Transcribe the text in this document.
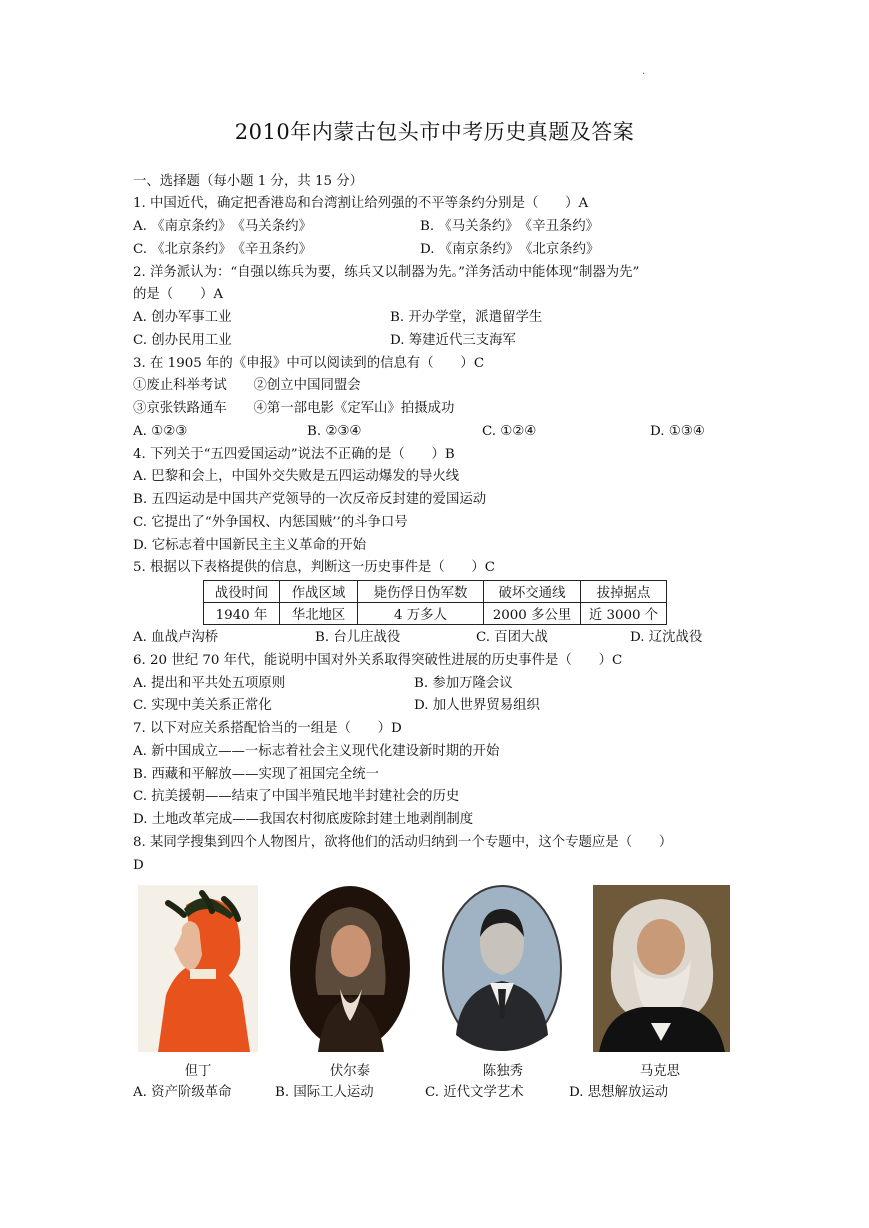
.
2010年内蒙古包头市中考历史真题及答案
一、选择题（每小题 1 分，共 15 分）
1. 中国近代，确定把香港岛和台湾割让给列强的不平等条约分别是（　　）A
A. 《南京条约》　《马关条约》	B. 《马关条约》　《辛丑条约》
C. 《北京条约》　《辛丑条约》	D. 《南京条约》　《北京条约》
2. 洋务派认为：“自强以练兵为要，练兵又以制器为先。”洋务活动中能体现“制器为先”
的是（　　）A
A. 创办军事工业	B. 开办学堂，派遣留学生
C. 创办民用工业	D. 筹建近代三支海军
3. 在 1905 年的《申报》中可以阅读到的信息有（　　）C
①废止科举考试　　②创立中国同盟会
③京张铁路通车　　④第一部电影《定军山》拍摄成功
A. ①②③	B. ②③④	C. ①②④	D. ①③④
4. 下列关于“五四爱国运动”说法不正确的是（　　）B
A. 巴黎和会上，中国外交失败是五四运动爆发的导火线
B. 五四运动是中国共产党领导的一次反帝反封建的爱国运动
C. 它提出了“外争国权、内惩国贼’’的斗争口号
D. 它标志着中国新民主主义革命的开始
5. 根据以下表格提供的信息，判断这一历史事件是（　　）C
战役时间	作战区域	毙伤俘日伪军数	破坏交通线	拔掉据点
1940 年	华北地区	4 万多人	2000 多公里	近 3000 个
A. 血战卢沟桥	B. 台儿庄战役	C. 百团大战	D. 辽沈战役
6. 20 世纪 70 年代，能说明中国对外关系取得突破性进展的历史事件是（　　）C
A. 提出和平共处五项原则	B. 参加万隆会议
C. 实现中美关系正常化	D. 加人世界贸易组织
7. 以下对应关系搭配恰当的一组是（　　）D
A. 新中国成立——一标志着社会主义现代化建设新时期的开始
B. 西藏和平解放——实现了祖国完全统一
C. 抗美援朝——结束了中国半殖民地半封建社会的历史
D. 土地改革完成——我国农村彻底废除封建土地剥削制度
8. 某同学搜集到四个人物图片，欲将他们的活动归纳到一个专题中，这个专题应是（　　）
D
但丁	伏尔泰	陈独秀	马克思
A. 资产阶级革命	B. 国际工人运动	C. 近代文学艺术	D. 思想解放运动
